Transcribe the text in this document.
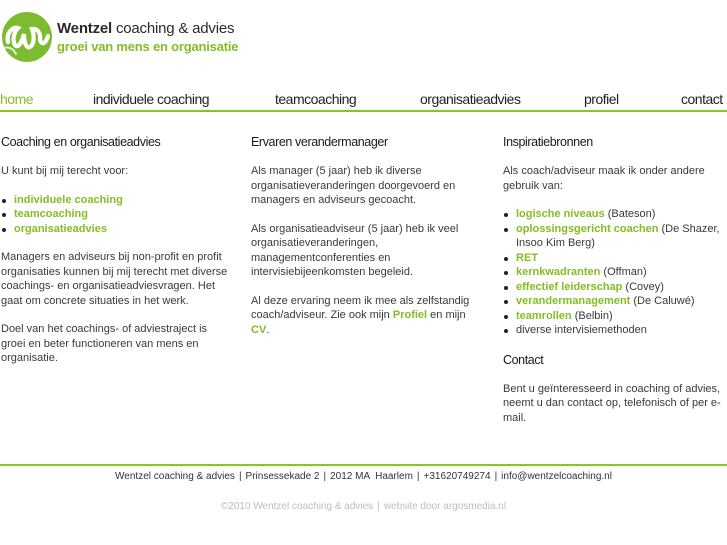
Wentzel coaching & advies
groei van mens en organisatie
home	individuele coaching	teamcoaching	organisatieadvies	profiel	contact
Coaching en organisatieadvies

U kunt bij mij terecht voor:

individuele coaching
teamcoaching
organisatieadvies

Managers en adviseurs bij non-profit en profit organisaties kunnen bij mij terecht met diverse coachings- en organisatieadviesvragen. Het gaat om concrete situaties in het werk.

Doel van het coachings- of adviestraject is groei en beter functioneren van mens en organisatie.

Ervaren verandermanager

Als manager (5 jaar) heb ik diverse organisatieveranderingen doorgevoerd en managers en adviseurs gecoacht.

Als organisatieadviseur (5 jaar) heb ik veel organisatieveranderingen, managementconferenties en intervisiebijeenkomsten begeleid.

Al deze ervaring neem ik mee als zelfstandig coach/adviseur. Zie ook mijn Profiel en mijn CV.

Inspiratiebronnen

Als coach/adviseur maak ik onder andere gebruik van:

logische niveaus (Bateson)
oplossingsgericht coachen (De Shazer, Insoo Kim Berg)
RET
kernkwadranten (Offman)
effectief leiderschap (Covey)
verandermanagement (De Caluwé)
teamrollen (Belbin)
diverse intervisiemethoden
Contact

Bent u geïnteresseerd in coaching of advies, neemt u dan contact op, telefonisch of per e-mail.

Wentzel coaching & advies | Prinsessekade 2 | 2012 MA  Haarlem | +31620749274 | info@wentzelcoaching.nl
©2010 Wentzel coaching & advies | website door argosmedia.nl
